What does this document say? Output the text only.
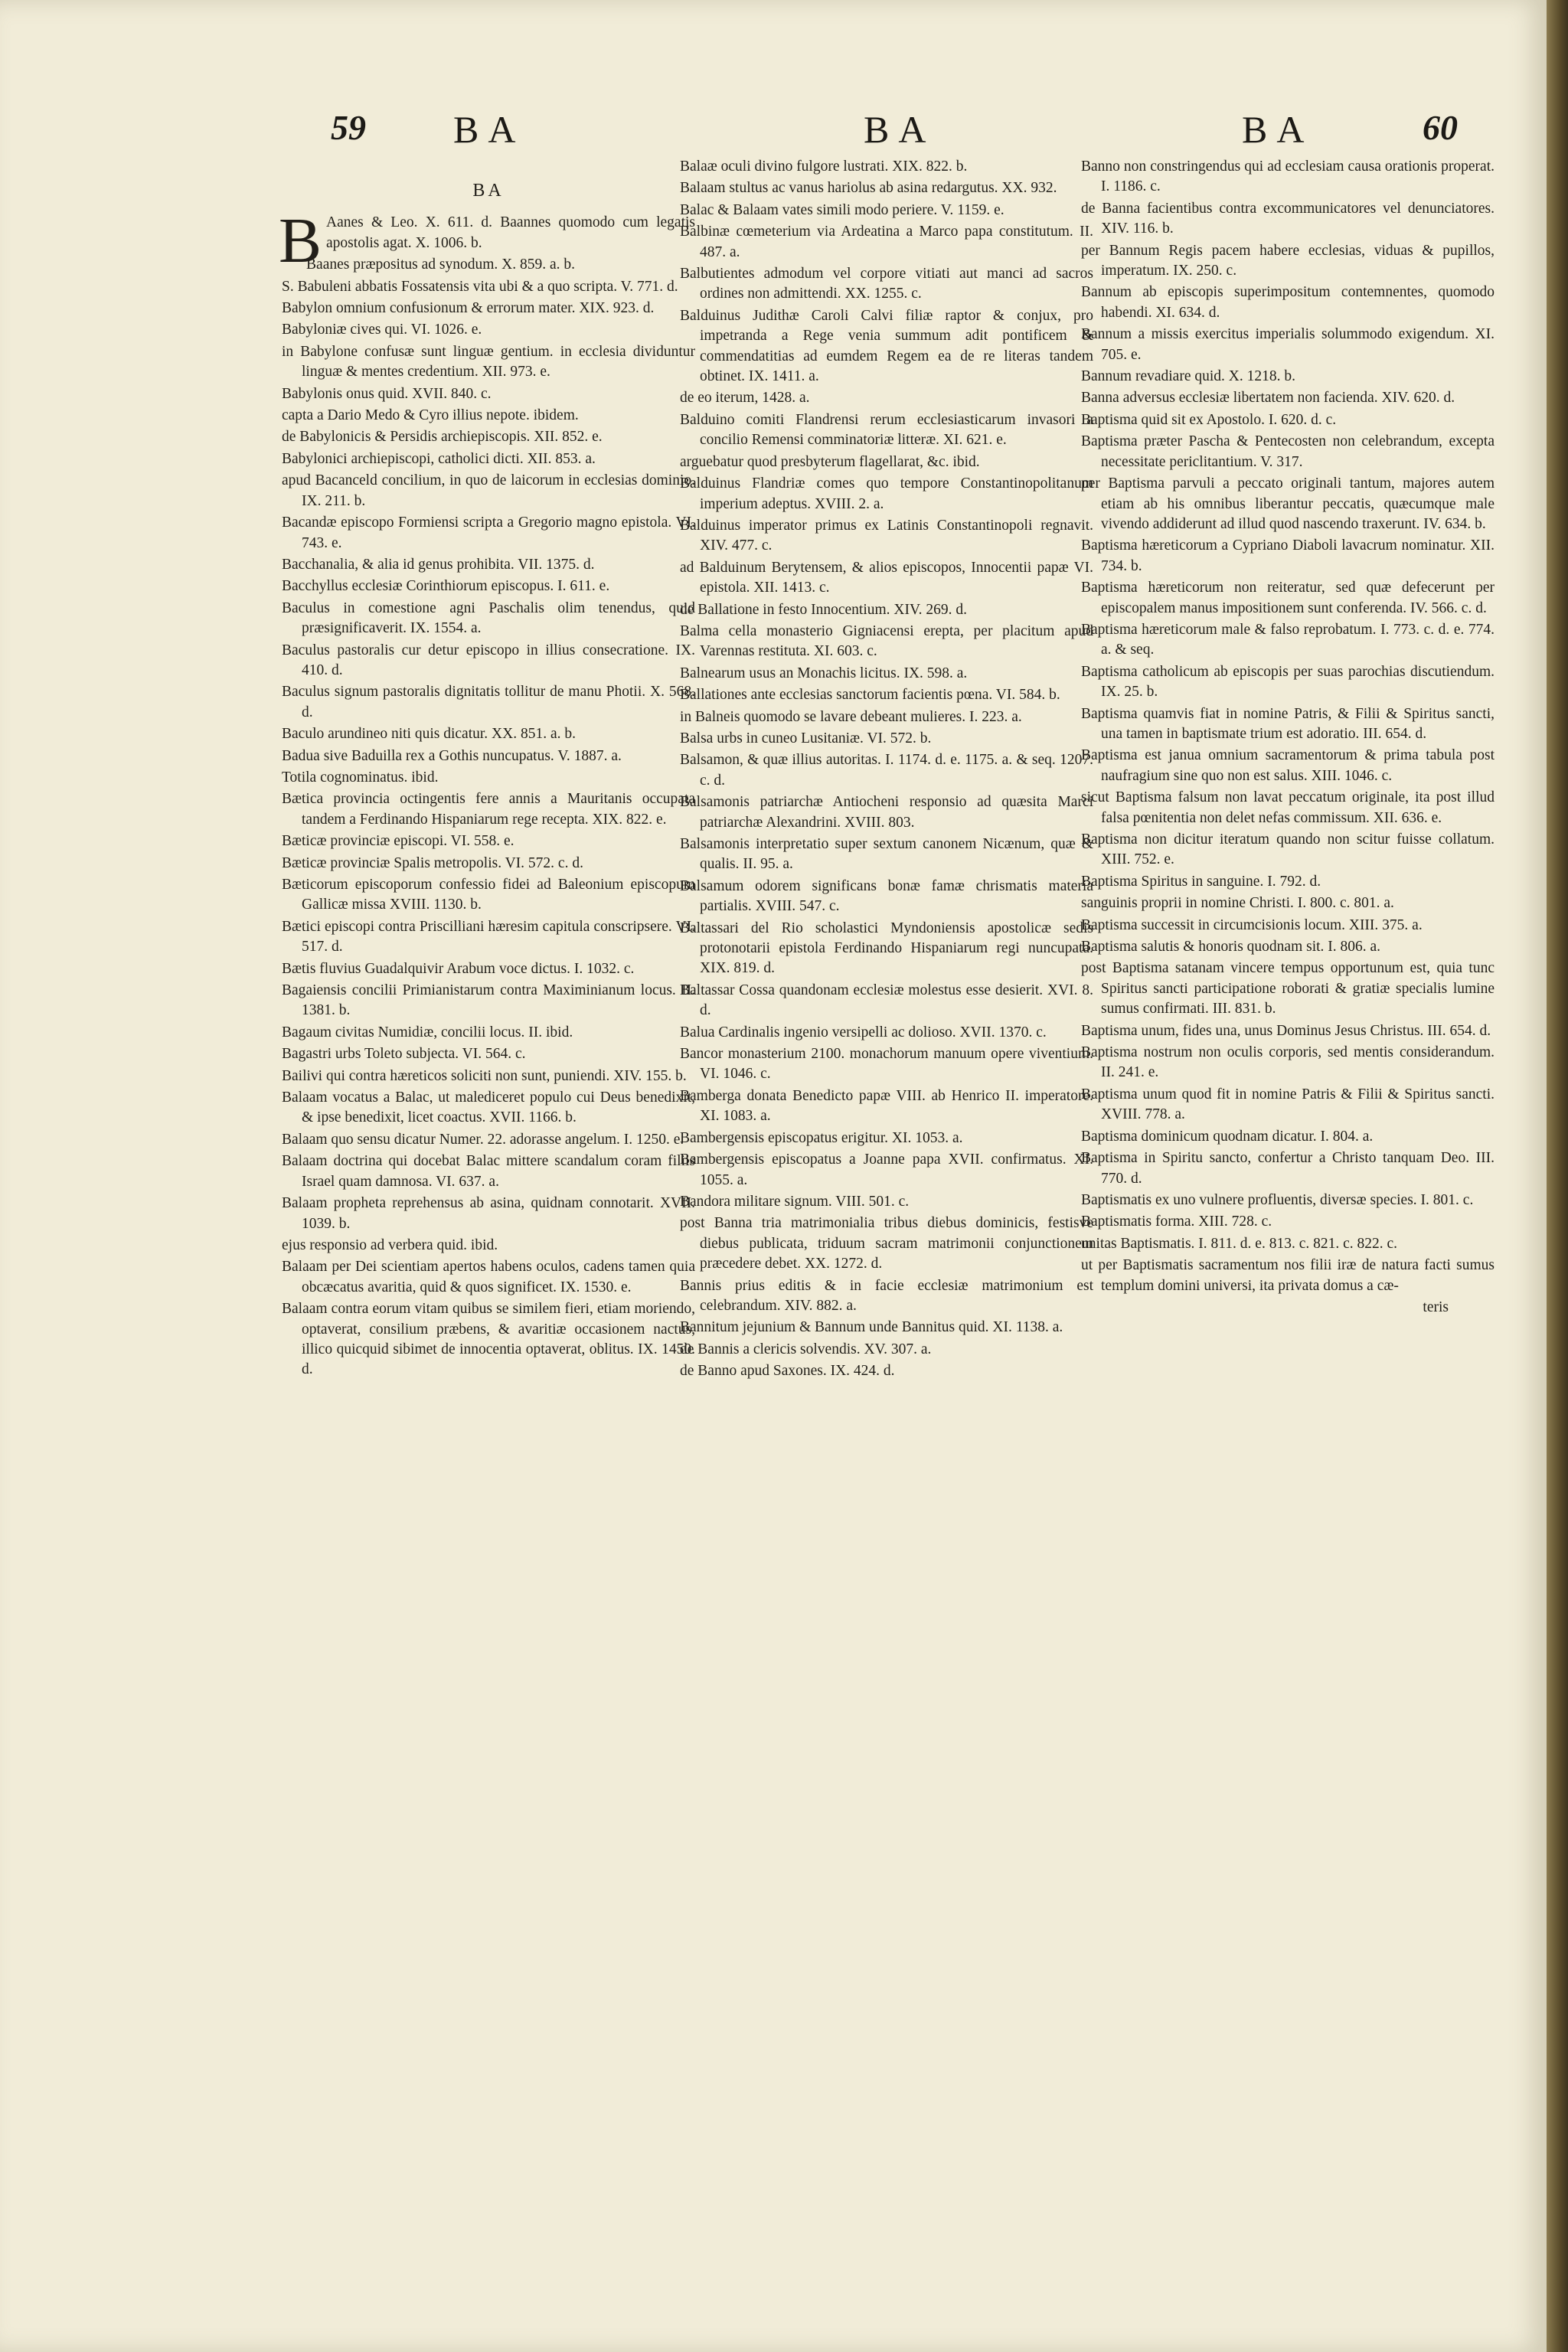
59 BA	BA	BA	60
BA
B Aanes & Leo. X. 611. d. Baannes quomodo cum legatis apostolis agat. X. 1006. b.
Baanes præpositus ad synodum. X. 859. a. b.
S. Babuleni abbatis Fossatensis vita ubi & a quo scripta. V. 771. d.
Babylon omnium confusionum & errorum mater. XIX. 923. d.
Babyloniæ cives qui. VI. 1026. e.
in Babylone confusæ sunt linguæ gentium. in ecclesia dividuntur linguæ & mentes credentium. XII. 973. e.
Babylonis onus quid. XVII. 840. c.
capta a Dario Medo & Cyro illius nepote. ibidem.
de Babylonicis & Persidis archiepiscopis. XII. 852. e.
Babylonici archiepiscopi, catholici dicti. XII. 853. a.
apud Bacanceld concilium, in quo de laicorum in ecclesias dominio. IX. 211. b.
Bacandæ episcopo Formiensi scripta a Gregorio magno epistola. VI. 743. e.
Bacchanalia, & alia id genus prohibita. VII. 1375. d.
Bacchyllus ecclesiæ Corinthiorum episcopus. I. 611. e.
Baculus in comestione agni Paschalis olim tenendus, quid præsignificaverit. IX. 1554. a.
Baculus pastoralis cur detur episcopo in illius consecratione. IX. 410. d.
Baculus signum pastoralis dignitatis tollitur de manu Photii. X. 568. d.
Baculo arundineo niti quis dicatur. XX. 851. a. b.
Badua sive Baduilla rex a Gothis nuncupatus. V. 1887. a.
Totila cognominatus. ibid.
Bætica provincia octingentis fere annis a Mauritanis occupata tandem a Ferdinando Hispaniarum rege recepta. XIX. 822. e.
Bæticæ provinciæ episcopi. VI. 558. e.
Bæticæ provinciæ Spalis metropolis. VI. 572. c. d.
Bæticorum episcoporum confessio fidei ad Baleonium episcopum Gallicæ missa XVIII. 1130. b.
Bætici episcopi contra Priscilliani hæresim capitula conscripsere. VI. 517. d.
Bætis fluvius Guadalquivir Arabum voce dictus. I. 1032. c.
Bagaiensis concilii Primianistarum contra Maximinianum locus. II. 1381. b.
Bagaum civitas Numidiæ, concilii locus. II. ibid.
Bagastri urbs Toleto subjecta. VI. 564. c.
Bailivi qui contra hæreticos soliciti non sunt, puniendi. XIV. 155. b.
Balaam vocatus a Balac, ut malediceret populo cui Deus benedixit, & ipse benedixit, licet coactus. XVII. 1166. b.
Balaam quo sensu dicatur Numer. 22. adorasse angelum. I. 1250. e.
Balaam doctrina qui docebat Balac mittere scandalum coram filiis Israel quam damnosa. VI. 637. a.
Balaam propheta reprehensus ab asina, quidnam connotarit. XVII. 1039. b.
ejus responsio ad verbera quid. ibid.
Balaam per Dei scientiam apertos habens oculos, cadens tamen quia obcæcatus avaritia, quid & quos significet. IX. 1530. e.
Balaam contra eorum vitam quibus se similem fieri, etiam moriendo, optaverat, consilium præbens, & avaritiæ occasionem nactus, illico quicquid sibimet de innocentia optaverat, oblitus. IX. 1450. d.
Balaæ oculi divino fulgore lustrati. XIX. 822. b.
Balaam stultus ac vanus hariolus ab asina redargutus. XX. 932.
Balac & Balaam vates simili modo periere. V. 1159. e.
Balbinæ cœmeterium via Ardeatina a Marco papa constitutum. II. 487. a.
Balbutientes admodum vel corpore vitiati aut manci ad sacros ordines non admittendi. XX. 1255. c.
Balduinus Judithæ Caroli Calvi filiæ raptor & conjux, pro impetranda a Rege venia summum adit pontificem & commendatitias ad eumdem Regem ea de re literas tandem obtinet. IX. 1411. a.
de eo iterum, 1428. a.
Balduino comiti Flandrensi rerum ecclesiasticarum invasori a concilio Remensi comminatoriæ litteræ. XI. 621. e.
arguebatur quod presbyterum flagellarat, &c. ibid.
Balduinus Flandriæ comes quo tempore Constantinopolitanum imperium adeptus. XVIII. 2. a.
Balduinus imperator primus ex Latinis Constantinopoli regnavit. XIV. 477. c.
ad Balduinum Berytensem, & alios episcopos, Innocentii papæ VI. epistola. XII. 1413. c.
de Ballatione in festo Innocentium. XIV. 269. d.
Balma cella monasterio Gigniacensi erepta, per placitum apud Varennas restituta. XI. 603. c.
Balnearum usus an Monachis licitus. IX. 598. a.
Ballationes ante ecclesias sanctorum facientis pœna. VI. 584. b.
in Balneis quomodo se lavare debeant mulieres. I. 223. a.
Balsa urbs in cuneo Lusitaniæ. VI. 572. b.
Balsamon, & quæ illius autoritas. I. 1174. d. e. 1175. a. & seq. 1207. c. d.
Balsamonis patriarchæ Antiocheni responsio ad quæsita Marci patriarchæ Alexandrini. XVIII. 803.
Balsamonis interpretatio super sextum canonem Nicænum, quæ & qualis. II. 95. a.
Balsamum odorem significans bonæ famæ chrismatis materia partialis. XVIII. 547. c.
Baltassari del Rio scholastici Myndoniensis apostolicæ sedis protonotarii epistola Ferdinando Hispaniarum regi nuncupata. XIX. 819. d.
Baltassar Cossa quandonam ecclesiæ molestus esse desierit. XVI. 8. d.
Balua Cardinalis ingenio versipelli ac dolioso. XVII. 1370. c.
Bancor monasterium 2100. monachorum manuum opere viventium. VI. 1046. c.
Bamberga donata Benedicto papæ VIII. ab Henrico II. imperatore. XI. 1083. a.
Bambergensis episcopatus erigitur. XI. 1053. a.
Bambergensis episcopatus a Joanne papa XVII. confirmatus. XI. 1055. a.
Bandora militare signum. VIII. 501. c.
post Banna tria matrimonialia tribus diebus dominicis, festisve diebus publicata, triduum sacram matrimonii conjunctionem præcedere debet. XX. 1272. d.
Bannis prius editis & in facie ecclesiæ matrimonium est celebrandum. XIV. 882. a.
Bannitum jejunium & Bannum unde Bannitus quid. XI. 1138. a.
de Bannis a clericis solvendis. XV. 307. a.
de Banno apud Saxones. IX. 424. d.
Banno non constringendus qui ad ecclesiam causa orationis properat. I. 1186. c.
de Banna facientibus contra excommunicatores vel denunciatores. XIV. 116. b.
per Bannum Regis pacem habere ecclesias, viduas & pupillos, imperatum. IX. 250. c.
Bannum ab episcopis superimpositum contemnentes, quomodo habendi. XI. 634. d.
Bannum a missis exercitus imperialis solummodo exigendum. XI. 705. e.
Bannum revadiare quid. X. 1218. b.
Banna adversus ecclesiæ libertatem non facienda. XIV. 620. d.
Baptisma quid sit ex Apostolo. I. 620. d. c.
Baptisma præter Pascha & Pentecosten non celebrandum, excepta necessitate periclitantium. V. 317.
per Baptisma parvuli a peccato originali tantum, majores autem etiam ab his omnibus liberantur peccatis, quæcumque male vivendo addiderunt ad illud quod nascendo traxerunt. IV. 634. b.
Baptisma hæreticorum a Cypriano Diaboli lavacrum nominatur. XII. 734. b.
Baptisma hæreticorum non reiteratur, sed quæ defecerunt per episcopalem manus impositionem sunt conferenda. IV. 566. c. d.
Baptisma hæreticorum male & falso reprobatum. I. 773. c. d. e. 774. a. & seq.
Baptisma catholicum ab episcopis per suas parochias discutiendum. IX. 25. b.
Baptisma quamvis fiat in nomine Patris, & Filii & Spiritus sancti, una tamen in baptismate trium est adoratio. III. 654. d.
Baptisma est janua omnium sacramentorum & prima tabula post naufragium sine quo non est salus. XIII. 1046. c.
sicut Baptisma falsum non lavat peccatum originale, ita post illud falsa pœnitentia non delet nefas commissum. XII. 636. e.
Baptisma non dicitur iteratum quando non scitur fuisse collatum. XIII. 752. e.
Baptisma Spiritus in sanguine. I. 792. d.
sanguinis proprii in nomine Christi. I. 800. c. 801. a.
Baptisma successit in circumcisionis locum. XIII. 375. a.
Baptisma salutis & honoris quodnam sit. I. 806. a.
post Baptisma satanam vincere tempus opportunum est, quia tunc Spiritus sancti participatione roborati & gratiæ specialis lumine sumus confirmati. III. 831. b.
Baptisma unum, fides una, unus Dominus Jesus Christus. III. 654. d.
Baptisma nostrum non oculis corporis, sed mentis considerandum. II. 241. e.
Baptisma unum quod fit in nomine Patris & Filii & Spiritus sancti. XVIII. 778. a.
Baptisma dominicum quodnam dicatur. I. 804. a.
Baptisma in Spiritu sancto, confertur a Christo tanquam Deo. III. 770. d.
Baptismatis ex uno vulnere profluentis, diversæ species. I. 801. c.
Baptismatis forma. XIII. 728. c.
unitas Baptismatis. I. 811. d. e. 813. c. 821. c. 822. c.
ut per Baptismatis sacramentum nos filii iræ de natura facti sumus templum domini universi, ita privata domus a cæ-
teris
